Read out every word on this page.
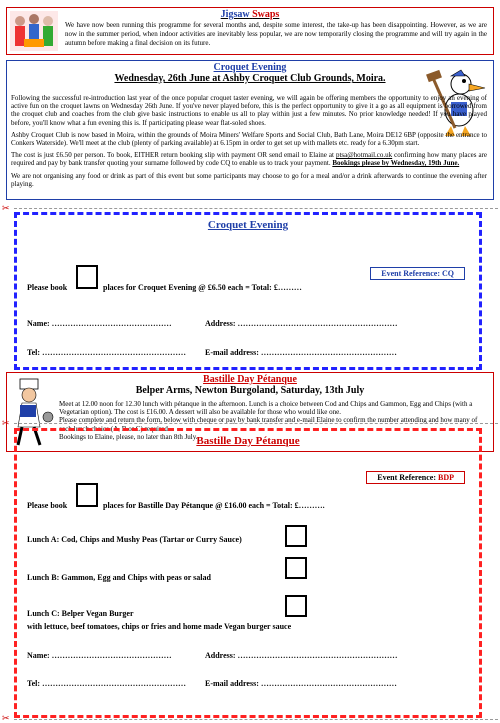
Jigsaw Swaps
We have now been running this programme for several months and, despite some interest, the take-up has been disappointing. However, as we are now in the summer period, when indoor activities are inevitably less popular, we are now temporarily closing the programme and will try again in the autumn before making a final decision on its future.
Croquet Evening
Wednesday, 26th June at Ashby Croquet Club Grounds, Moira.

Following the successful re-introduction last year of the once popular croquet taster evening, we will again be offering members the opportunity to enjoy an evening of active fun on the croquet lawns on Wednesday 26th June. If you've never played before, this is the perfect opportunity to give it a go as all equipment is borrowed from the croquet club and coaches from the club give basic instructions to enable us all to play within just a few minutes. No prior knowledge needed! If you have played before, you'll know what a fun evening this is. If participating please wear flat-soled shoes.

Ashby Croquet Club is now based in Moira, within the grounds of Moira Miners' Welfare Sports and Social Club, Bath Lane, Moira DE12 6BP (opposite the entrance to Conkers Waterside). We'll meet at the club (plenty of parking available) at 6.15pm in order to get set up with mallets etc. ready for a 6.30pm start.

The cost is just £6.50 per person. To book, EITHER return booking slip with payment OR send email to Elaine at ptsa@hotmail.co.uk confirming how many places are required and pay by bank transfer quoting your surname followed by code CQ to enable us to track your payment. Bookings please by Wednesday, 19th June.

We are not organising any food or drink as part of this event but some participants may choose to go for a meal and/or a drink afterwards to continue the evening after playing.

✂
Croquet Evening
Event Reference: CQ
Please book	places for Croquet Evening @ £6.50 each = Total: £………
Name: ………………………………………	Address: ……………………………………………………
Tel: ……………………………………………… E-mail address: ……………………………………………
Bastille Day Pétanque
Belper Arms, Newton Burgoland, Saturday, 13th July
Meet at 12.00 noon for 12.30 lunch with pétanque in the afternoon. Lunch is a choice between Cod and Chips and Gammon, Egg and Chips (with a Vegetarian option). The cost is £16.00. A dessert will also be available for those who would like one.
Please complete and return the form, below with cheque or pay by bank transfer and e-mail Elaine to confirm the number attending and how many of each lunch choice (A, B or C) required.
Bookings to Elaine, please, no later than 8th July.
✂
Bastille Day Pétanque
Event Reference: BDP
Please book	places for Bastille Day Pétanque @ £16.00 each = Total: £……….
Lunch A: Cod, Chips and Mushy Peas (Tartar or Curry Sauce)
Lunch B: Gammon, Egg and Chips with peas or salad
Lunch C: Belper Vegan Burger
with lettuce, beef tomatoes, chips or fries and home made Vegan burger sauce
Name: ………………………………………	Address: ……………………………………………………
Tel: ……………………………………………… E-mail address: ……………………………………………
✂
